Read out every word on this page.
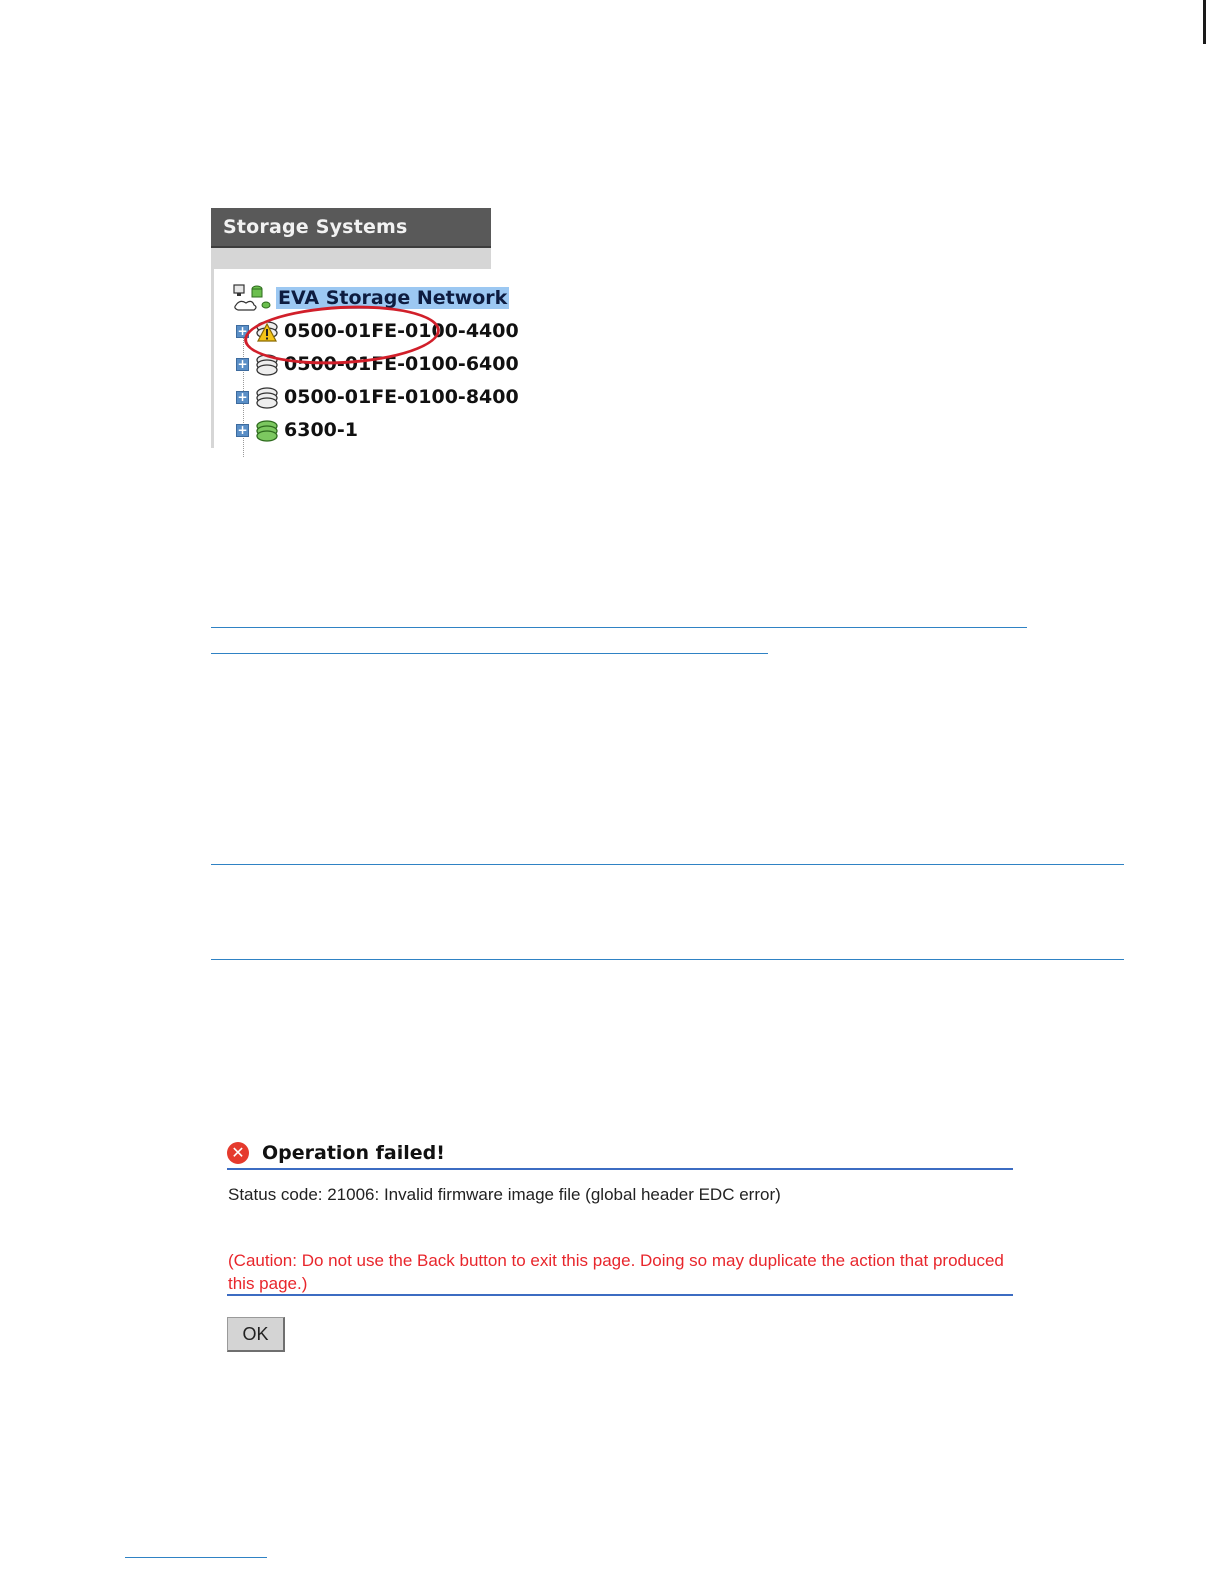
Storage Systems
EVA Storage Network
+ 0500-01FE-0100-4400
+ 0500-01FE-0100-6400
+ 0500-01FE-0100-8400
+ 6300-1
✕ Operation failed!
Status code: 21006: Invalid firmware image file (global header EDC error)
(Caution: Do not use the Back button to exit this page. Doing so may duplicate the action that produced this page.)
OK
